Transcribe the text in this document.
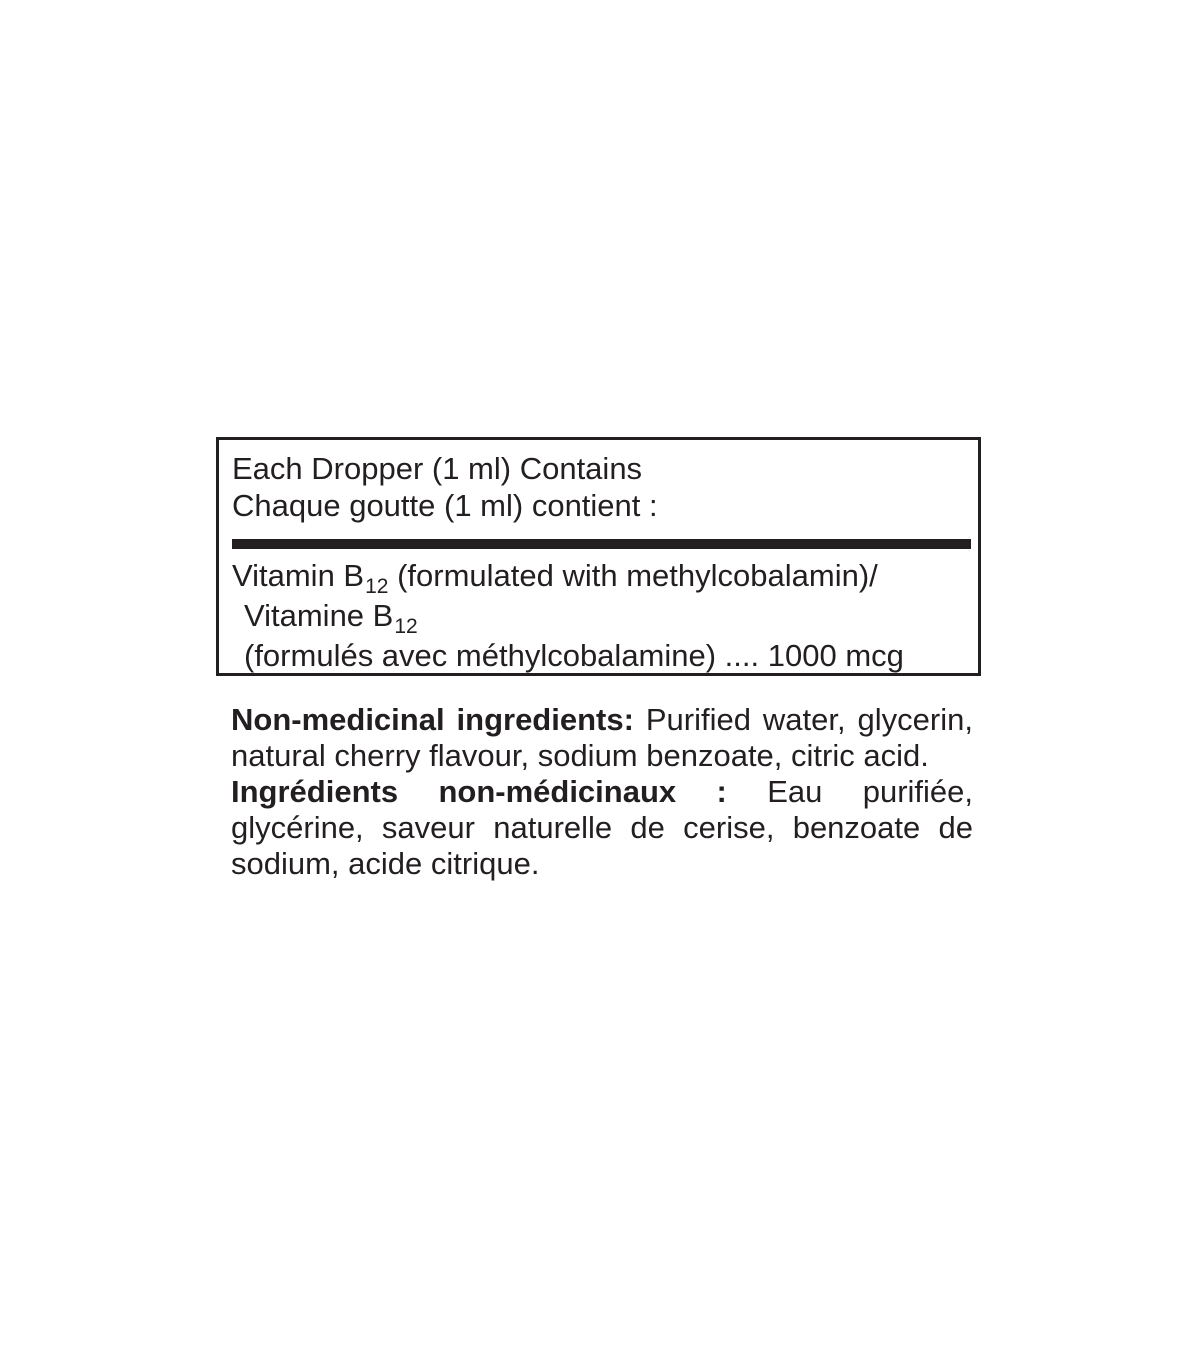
Each Dropper (1 ml) Contains
Chaque goutte (1 ml) contient :
Vitamin $B_{12}$ (formulated with methylcobalamin)/
Vitamine $B_{12}$
(formulés avec méthylcobalamine) .... 1000 mcg

Non-medicinal ingredients: Purified water, glycerin, natural cherry flavour, sodium benzoate, citric acid.

Ingrédients non-médicinaux : Eau purifiée, glycérine, saveur naturelle de cerise, benzoate de sodium, acide citrique.
